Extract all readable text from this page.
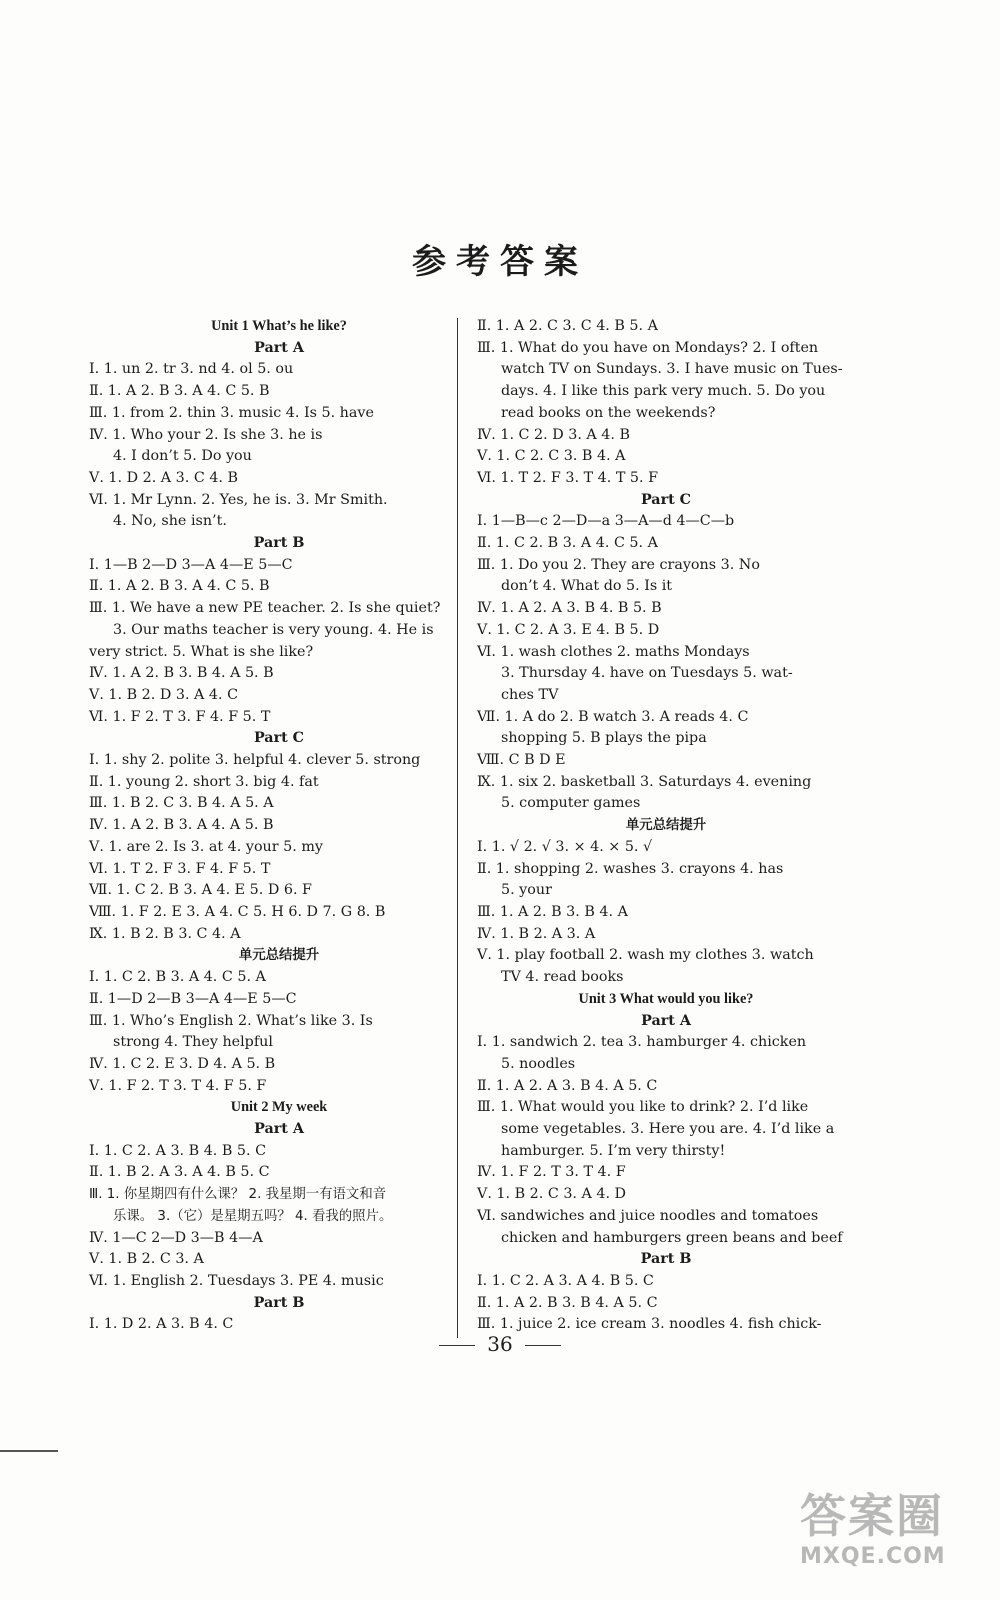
参考答案
Unit 1 What’s he like?
Part A
Ⅰ. 1. un 2. tr 3. nd 4. ol 5. ou
Ⅱ. 1. A 2. B 3. A 4. C 5. B
Ⅲ. 1. from 2. thin 3. music 4. Is 5. have
Ⅳ. 1. Who your 2. Is she 3. he is
4. I don’t 5. Do you
Ⅴ. 1. D 2. A 3. C 4. B
Ⅵ. 1. Mr Lynn. 2. Yes, he is. 3. Mr Smith.
4. No, she isn’t.
Part B
Ⅰ. 1—B 2—D 3—A 4—E 5—C
Ⅱ. 1. A 2. B 3. A 4. C 5. B
Ⅲ. 1. We have a new PE teacher. 2. Is she quiet?
3. Our maths teacher is very young. 4. He is
very strict. 5. What is she like?
Ⅳ. 1. A 2. B 3. B 4. A 5. B
Ⅴ. 1. B 2. D 3. A 4. C
Ⅵ. 1. F 2. T 3. F 4. F 5. T
Part C
Ⅰ. 1. shy 2. polite 3. helpful 4. clever 5. strong
Ⅱ. 1. young 2. short 3. big 4. fat
Ⅲ. 1. B 2. C 3. B 4. A 5. A
Ⅳ. 1. A 2. B 3. A 4. A 5. B
Ⅴ. 1. are 2. Is 3. at 4. your 5. my
Ⅵ. 1. T 2. F 3. F 4. F 5. T
Ⅶ. 1. C 2. B 3. A 4. E 5. D 6. F
Ⅷ. 1. F 2. E 3. A 4. C 5. H 6. D 7. G 8. B
Ⅸ. 1. B 2. B 3. C 4. A
单元总结提升
Ⅰ. 1. C 2. B 3. A 4. C 5. A
Ⅱ. 1—D 2—B 3—A 4—E 5—C
Ⅲ. 1. Who’s English 2. What’s like 3. Is
strong 4. They helpful
Ⅳ. 1. C 2. E 3. D 4. A 5. B
Ⅴ. 1. F 2. T 3. T 4. F 5. F
Unit 2 My week
Part A
Ⅰ. 1. C 2. A 3. B 4. B 5. C
Ⅱ. 1. B 2. A 3. A 4. B 5. C
Ⅲ. 1. 你星期四有什么课？ 2. 我星期一有语文和音
乐课。 3.（它）是星期五吗？ 4. 看我的照片。
Ⅳ. 1—C 2—D 3—B 4—A
Ⅴ. 1. B 2. C 3. A
Ⅵ. 1. English 2. Tuesdays 3. PE 4. music
Part B
Ⅰ. 1. D 2. A 3. B 4. C
Ⅱ. 1. A 2. C 3. C 4. B 5. A
Ⅲ. 1. What do you have on Mondays? 2. I often
watch TV on Sundays. 3. I have music on Tues-
days. 4. I like this park very much. 5. Do you
read books on the weekends?
Ⅳ. 1. C 2. D 3. A 4. B
Ⅴ. 1. C 2. C 3. B 4. A
Ⅵ. 1. T 2. F 3. T 4. T 5. F
Part C
Ⅰ. 1—B—c 2—D—a 3—A—d 4—C—b
Ⅱ. 1. C 2. B 3. A 4. C 5. A
Ⅲ. 1. Do you 2. They are crayons 3. No
don’t 4. What do 5. Is it
Ⅳ. 1. A 2. A 3. B 4. B 5. B
Ⅴ. 1. C 2. A 3. E 4. B 5. D
Ⅵ. 1. wash clothes 2. maths Mondays
3. Thursday 4. have on Tuesdays 5. wat-
ches TV
Ⅶ. 1. A do 2. B watch 3. A reads 4. C
shopping 5. B plays the pipa
Ⅷ. C B D E
Ⅸ. 1. six 2. basketball 3. Saturdays 4. evening
5. computer games
单元总结提升
Ⅰ. 1. √ 2. √ 3. × 4. × 5. √
Ⅱ. 1. shopping 2. washes 3. crayons 4. has
5. your
Ⅲ. 1. A 2. B 3. B 4. A
Ⅳ. 1. B 2. A 3. A
Ⅴ. 1. play football 2. wash my clothes 3. watch
TV 4. read books
Unit 3 What would you like?
Part A
Ⅰ. 1. sandwich 2. tea 3. hamburger 4. chicken
5. noodles
Ⅱ. 1. A 2. A 3. B 4. A 5. C
Ⅲ. 1. What would you like to drink? 2. I’d like
some vegetables. 3. Here you are. 4. I’d like a
hamburger. 5. I’m very thirsty!
Ⅳ. 1. F 2. T 3. T 4. F
Ⅴ. 1. B 2. C 3. A 4. D
Ⅵ. sandwiches and juice noodles and tomatoes
chicken and hamburgers green beans and beef
Part B
Ⅰ. 1. C 2. A 3. A 4. B 5. C
Ⅱ. 1. A 2. B 3. B 4. A 5. C
Ⅲ. 1. juice 2. ice cream 3. noodles 4. fish chick-
36
答案圈
MXQE.COM
